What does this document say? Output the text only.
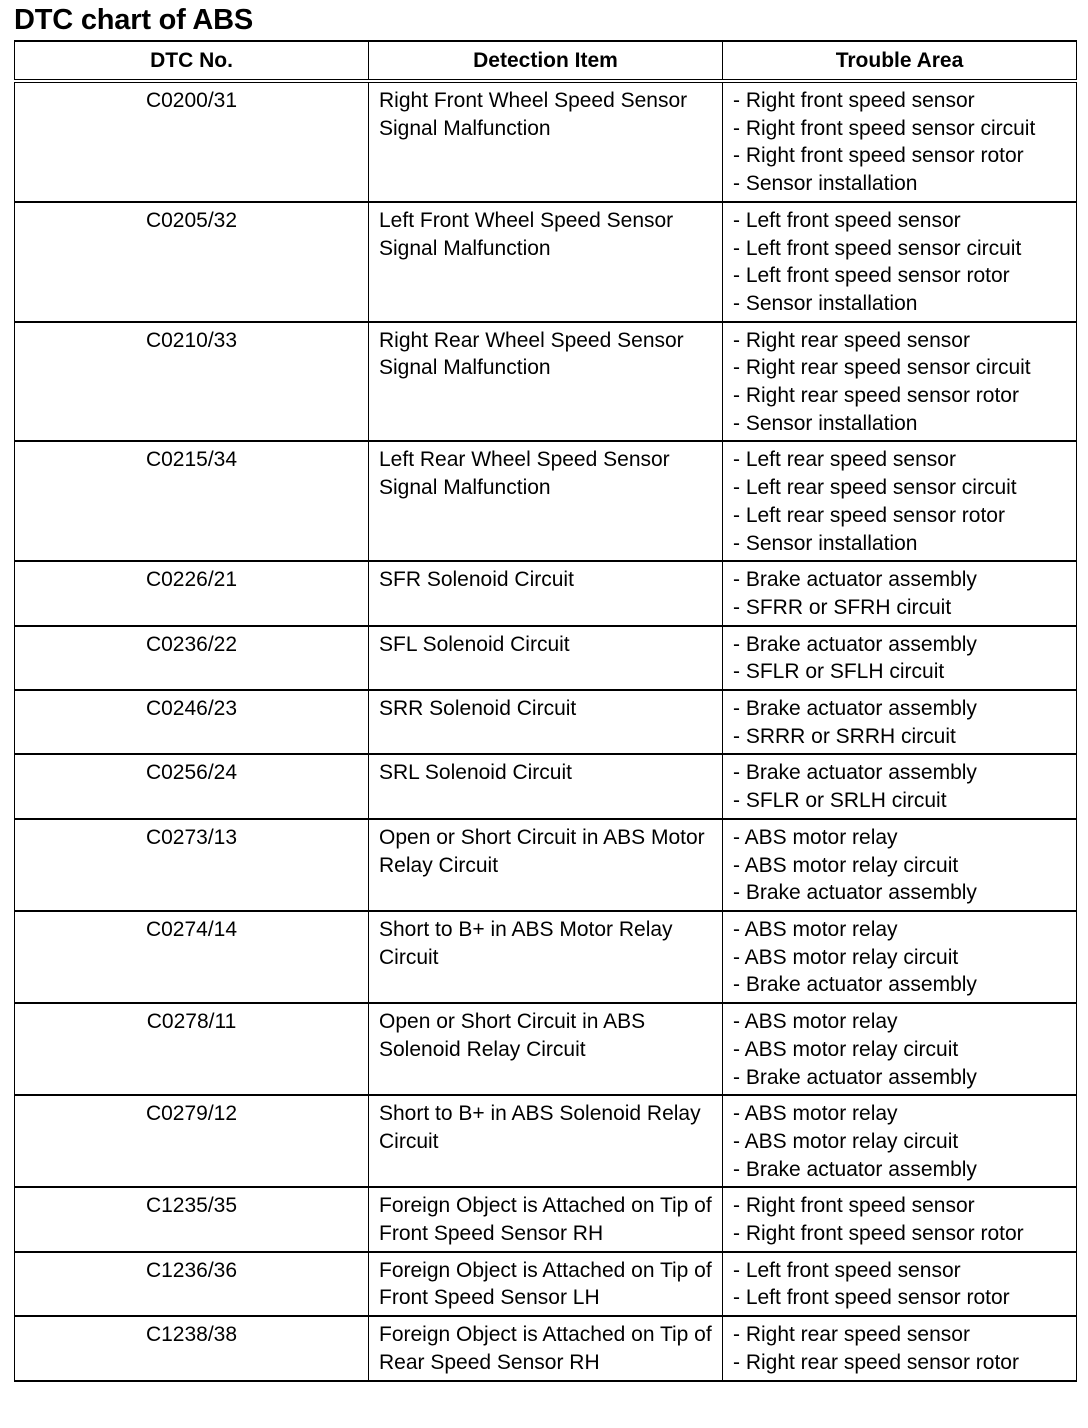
DTC chart of ABS
DTC No.	Detection Item	Trouble Area
C0200/31	Right Front Wheel Speed Sensor Signal Malfunction	- Right front speed sensor
- Right front speed sensor circuit
- Right front speed sensor rotor
- Sensor installation

C0205/32	Left Front Wheel Speed Sensor Signal Malfunction	- Left front speed sensor
- Left front speed sensor circuit
- Left front speed sensor rotor
- Sensor installation

C0210/33	Right Rear Wheel Speed Sensor Signal Malfunction	- Right rear speed sensor
- Right rear speed sensor circuit
- Right rear speed sensor rotor
- Sensor installation

C0215/34	Left Rear Wheel Speed Sensor Signal Malfunction	- Left rear speed sensor
- Left rear speed sensor circuit
- Left rear speed sensor rotor
- Sensor installation

C0226/21	SFR Solenoid Circuit	- Brake actuator assembly
- SFRR or SFRH circuit

C0236/22	SFL Solenoid Circuit	- Brake actuator assembly
- SFLR or SFLH circuit

C0246/23	SRR Solenoid Circuit	- Brake actuator assembly
- SRRR or SRRH circuit

C0256/24	SRL Solenoid Circuit	- Brake actuator assembly
- SFLR or SRLH circuit

C0273/13	Open or Short Circuit in ABS Motor Relay Circuit	- ABS motor relay
- ABS motor relay circuit
- Brake actuator assembly

C0274/14	Short to B+ in ABS Motor Relay Circuit	- ABS motor relay
- ABS motor relay circuit
- Brake actuator assembly

C0278/11	Open or Short Circuit in ABS Solenoid Relay Circuit	- ABS motor relay
- ABS motor relay circuit
- Brake actuator assembly

C0279/12	Short to B+ in ABS Solenoid Relay Circuit	- ABS motor relay
- ABS motor relay circuit
- Brake actuator assembly

C1235/35	Foreign Object is Attached on Tip of Front Speed Sensor RH	- Right front speed sensor
- Right front speed sensor rotor

C1236/36	Foreign Object is Attached on Tip of Front Speed Sensor LH	- Left front speed sensor
- Left front speed sensor rotor

C1238/38	Foreign Object is Attached on Tip of Rear Speed Sensor RH	- Right rear speed sensor
- Right rear speed sensor rotor
